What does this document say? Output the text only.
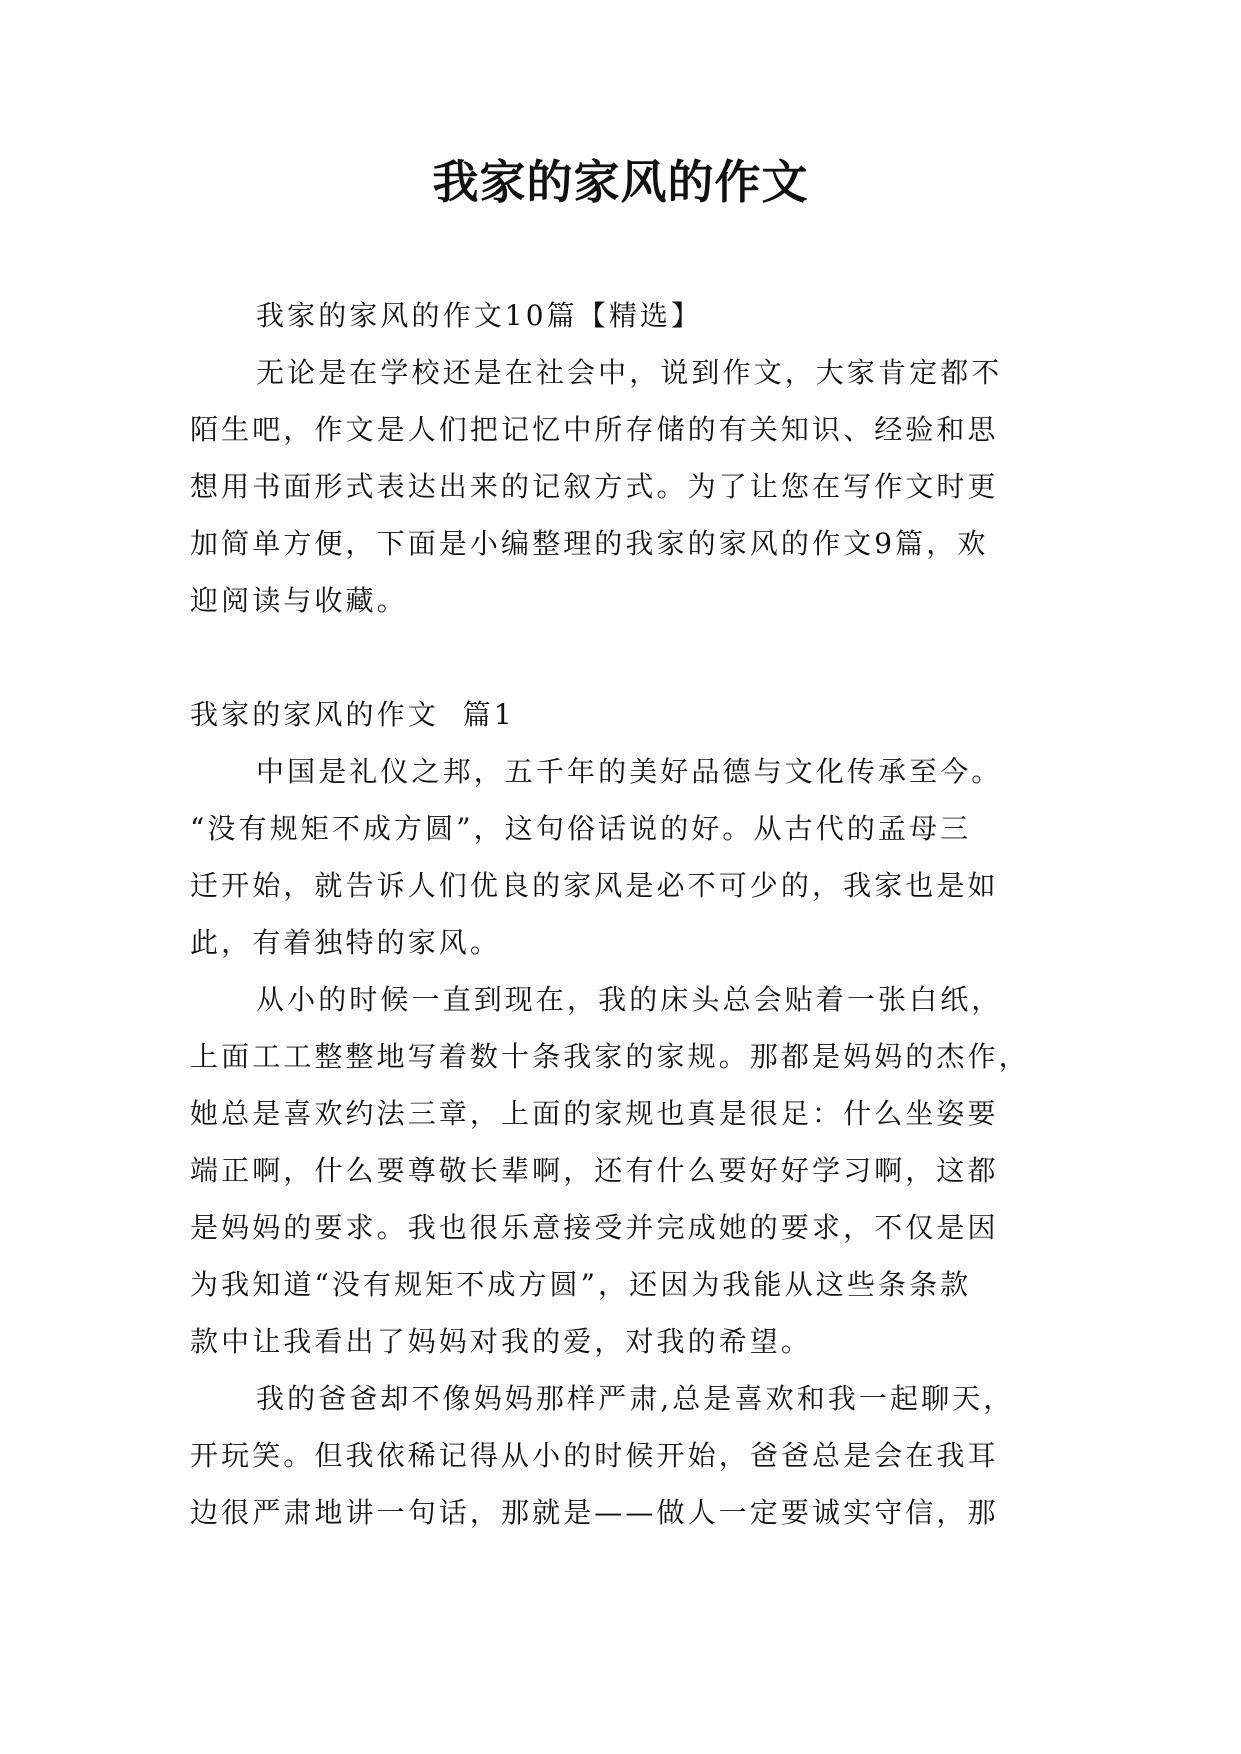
我家的家风的作文
我家的家风的作文10篇【精选】
无论是在学校还是在社会中，说到作文，大家肯定都不
陌生吧，作文是人们把记忆中所存储的有关知识、经验和思
想用书面形式表达出来的记叙方式。为了让您在写作文时更
加简单方便，下面是小编整理的我家的家风的作文9篇，欢
迎阅读与收藏。
我家的家风的作文  篇1
中国是礼仪之邦，五千年的美好品德与文化传承至今。
“没有规矩不成方圆”，这句俗话说的好。从古代的孟母三
迁开始，就告诉人们优良的家风是必不可少的，我家也是如
此，有着独特的家风。
从小的时候一直到现在，我的床头总会贴着一张白纸，
上面工工整整地写着数十条我家的家规。那都是妈妈的杰作，
她总是喜欢约法三章，上面的家规也真是很足：什么坐姿要
端正啊，什么要尊敬长辈啊，还有什么要好好学习啊，这都
是妈妈的要求。我也很乐意接受并完成她的要求，不仅是因
为我知道“没有规矩不成方圆”，还因为我能从这些条条款
款中让我看出了妈妈对我的爱，对我的希望。
我的爸爸却不像妈妈那样严肃,总是喜欢和我一起聊天，
开玩笑。但我依稀记得从小的时候开始，爸爸总是会在我耳
边很严肃地讲一句话，那就是——做人一定要诚实守信，那
